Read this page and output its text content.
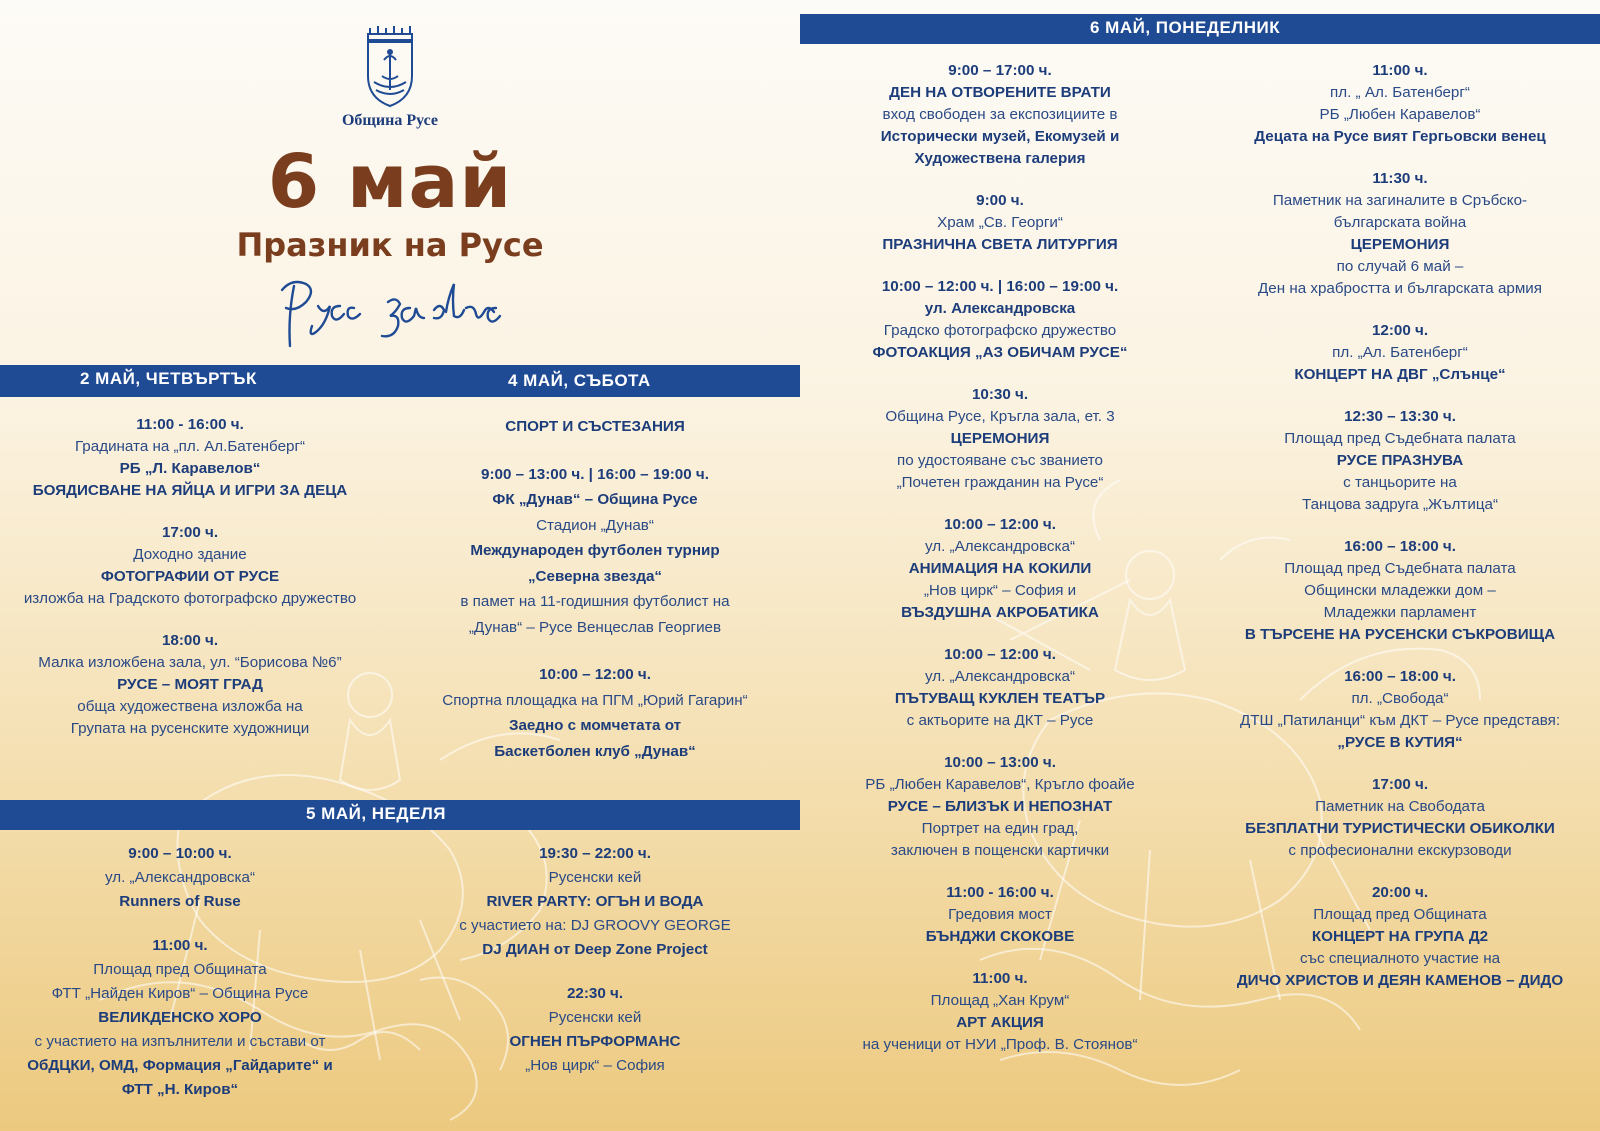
Община Русе
6 май
Празник на Русе
2 МАЙ, ЧЕТВЪРТЪК	4 МАЙ, СЪБОТА
5 МАЙ, НЕДЕЛЯ
6 МАЙ, ПОНЕДЕЛНИК
11:00 - 16:00 ч.
Градината на „пл. Ал.Батенберг“
РБ „Л. Каравелов“
БОЯДИСВАНЕ НА ЯЙЦА И ИГРИ ЗА ДЕЦА
17:00 ч.
Доходно здание
ФОТОГРАФИИ ОТ РУСЕ
изложба на Градското фотографско дружество
18:00 ч.
Малка изложбена зала, ул. “Борисова №6”
РУСЕ – МОЯТ ГРАД
обща художествена изложба на
Групата на русенските художници
СПОРТ И СЪСТЕЗАНИЯ
9:00 – 13:00 ч. | 16:00 – 19:00 ч.
ФК „Дунав“ – Община Русе
Стадион „Дунав“
Международен футболен турнир
„Северна звезда“
в памет на 11-годишния футболист на
„Дунав“ – Русе Венцеслав Георгиев
10:00 – 12:00 ч.
Спортна площадка на ПГМ „Юрий Гагарин“
Заедно с момчетата от
Баскетболен клуб „Дунав“
9:00 – 10:00 ч.
ул. „Александровска“
Runners of Ruse
11:00 ч.
Площад пред Общината
ФТТ „Найден Киров“ – Община Русе
ВЕЛИКДЕНСКО ХОРО
с участието на изпълнители и състави от
ОбДЦКИ, ОМД, Формация „Гайдарите“ и
ФТТ „Н. Киров“
19:30 – 22:00 ч.
Русенски кей
RIVER PARTY: ОГЪН И ВОДА
с участието на: DJ GROOVY GEORGE
DJ ДИАН от Deep Zone Project
22:30 ч.
Русенски кей
ОГНЕН ПЪРФОРМАНС
„Нов цирк“ – София
9:00 – 17:00 ч.
ДЕН НА ОТВОРЕНИТЕ ВРАТИ
вход свободен за експозициите в
Исторически музей, Екомузей и
Художествена галерия
9:00 ч.
Храм „Св. Георги“
ПРАЗНИЧНА СВЕТА ЛИТУРГИЯ
10:00 – 12:00 ч. | 16:00 – 19:00 ч.
ул. Александровска
Градско фотографско дружество
ФОТОАКЦИЯ „АЗ ОБИЧАМ РУСЕ“
10:30 ч.
Община Русе, Кръгла зала, ет. 3
ЦЕРЕМОНИЯ
по удостояване със званието
„Почетен гражданин на Русе“
10:00 – 12:00 ч.
ул. „Александровска“
АНИМАЦИЯ НА КОКИЛИ
„Нов цирк“ – София и
ВЪЗДУШНА АКРОБАТИКА
10:00 – 12:00 ч.
ул. „Александровска“
ПЪТУВАЩ КУКЛЕН ТЕАТЪР
с актьорите на ДКТ – Русе
10:00 – 13:00 ч.
РБ „Любен Каравелов“, Кръгло фоайе
РУСЕ – БЛИЗЪК И НЕПОЗНАТ
Портрет на един град,
заключен в пощенски картички
11:00 - 16:00 ч.
Гредовия мост
БЪНДЖИ СКОКОВЕ
11:00 ч.
Площад „Хан Крум“
АРТ АКЦИЯ
на ученици от НУИ „Проф. В. Стоянов“
11:00 ч.
пл. „ Ал. Батенберг“
РБ „Любен Каравелов“
Децата на Русе вият Гергьовски венец
11:30 ч.
Паметник на загиналите в Сръбско-
българската война
ЦЕРЕМОНИЯ
по случай 6 май –
Ден на храбростта и българската армия
12:00 ч.
пл. „Ал. Батенберг“
КОНЦЕРТ НА ДВГ „Слънце“
12:30 – 13:30 ч.
Площад пред Съдебната палата
РУСЕ ПРАЗНУВА
с танцьорите на
Танцова задруга „Жълтица“
16:00 – 18:00 ч.
Площад пред Съдебната палата
Общински младежки дом –
Младежки парламент
В ТЪРСЕНЕ НА РУСЕНСКИ СЪКРОВИЩА
16:00 – 18:00 ч.
пл. „Свобода“
ДТШ „Патиланци“ към ДКТ – Русе представя:
„РУСЕ В КУТИЯ“
17:00 ч.
Паметник на Свободата
БЕЗПЛАТНИ ТУРИСТИЧЕСКИ ОБИКОЛКИ
с професионални екскурзоводи
20:00 ч.
Площад пред Общината
КОНЦЕРТ НА ГРУПА Д2
със специалното участие на
ДИЧО ХРИСТОВ И ДЕЯН КАМЕНОВ – ДИДО
